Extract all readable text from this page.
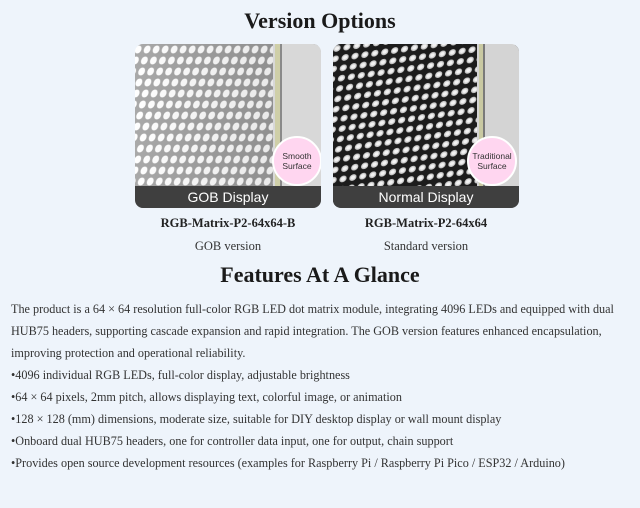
Version Options
Smooth
Surface
GOB Display
RGB-Matrix-P2-64x64-B
GOB version
Traditional
Surface
Normal Display
RGB-Matrix-P2-64x64
Standard version
Features At A Glance

The product is a 64 × 64 resolution full-color RGB LED dot matrix module, integrating 4096 LEDs and equipped with dual HUB75 headers, supporting cascade expansion and rapid integration. The GOB version features enhanced encapsulation, improving protection and operational reliability.

•4096 individual RGB LEDs, full-color display, adjustable brightness

•64 × 64 pixels, 2mm pitch, allows displaying text, colorful image, or animation

•128 × 128 (mm) dimensions, moderate size, suitable for DIY desktop display or wall mount display

•Onboard dual HUB75 headers, one for controller data input, one for output, chain support

•Provides open source development resources (examples for Raspberry Pi / Raspberry Pi Pico / ESP32 / Arduino)
